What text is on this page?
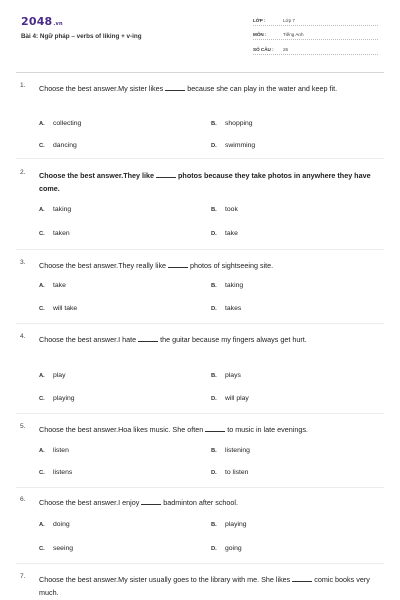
2048.vn
Bài 4: Ngữ pháp – verbs of liking + v-ing
LỚP :	Lớp 7
MÔN :	Tiếng Anh
SỐ CÂU : 26
1. Choose the best answer.My sister likes	because she can play in the water and keep fit.
A. collecting	B. shopping
C. dancing	D. swimming
2. Choose the best answer.They like	photos because they take photos in anywhere they have come.
A. taking	B. took
C. taken	D. take
3. Choose the best answer.They really like	photos of sightseeing site.
A. take	B. taking
C. will take	D. takes
4. Choose the best answer.I hate	the guitar because my fingers always get hurt.
A. play	B. plays
C. playing	D. will play
5. Choose the best answer.Hoa likes music. She often	to music in late evenings.
A. listen	B. listening
C. listens	D. to listen
6. Choose the best answer.I enjoy	badminton after school.
A. doing	B. playing
C. seeing	D. going
7. Choose the best answer.My sister usually goes to the library with me. She likes	comic books very much.
